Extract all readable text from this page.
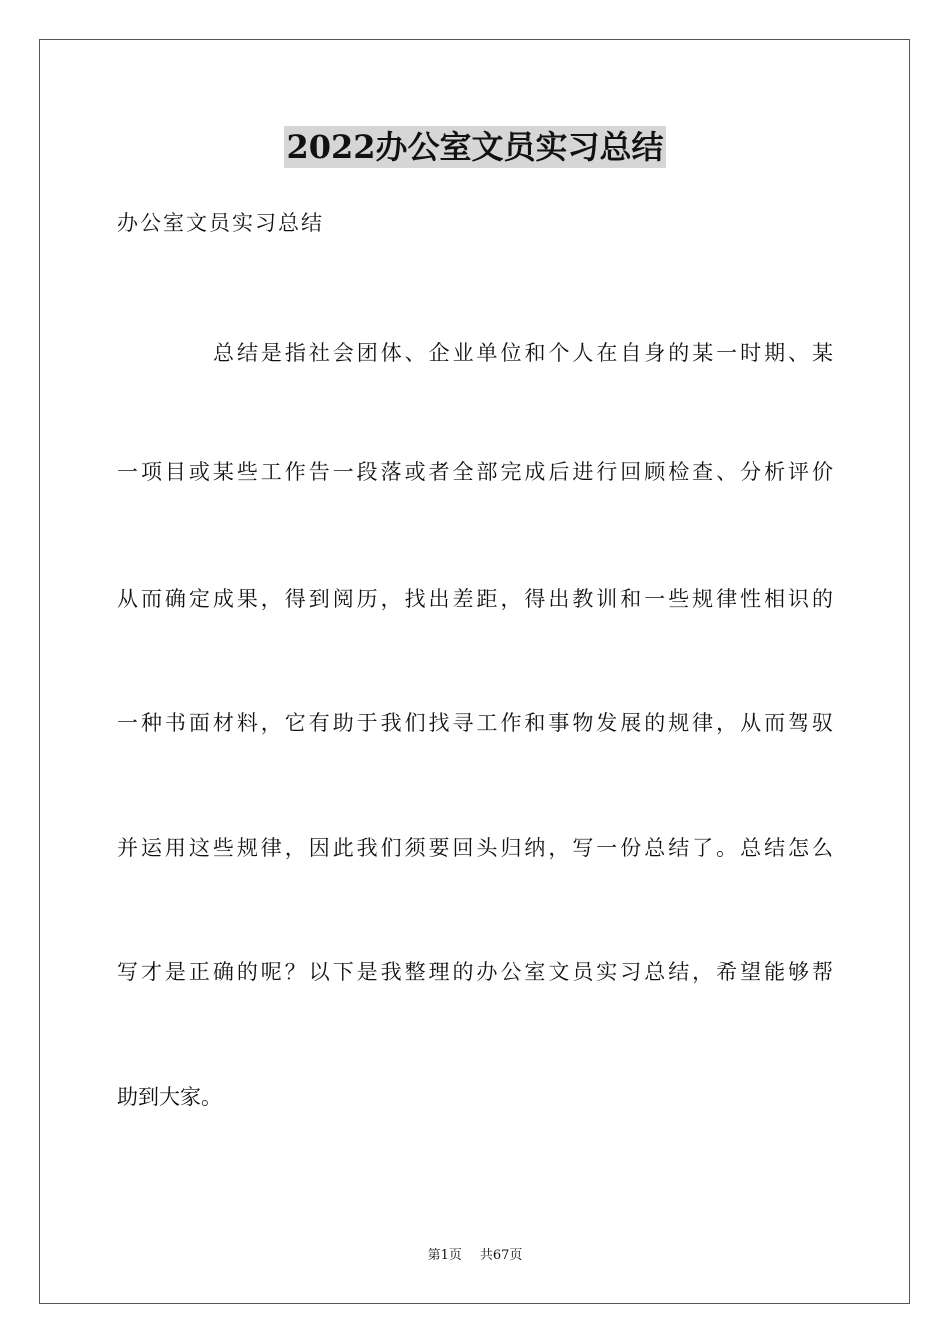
2022办公室文员实习总结
办公室文员实习总结
总结是指社会团体、企业单位和个人在自身的某一时期、某
一项目或某些工作告一段落或者全部完成后进行回顾检查、分析评价
从而确定成果，得到阅历，找出差距，得出教训和一些规律性相识的
一种书面材料，它有助于我们找寻工作和事物发展的规律，从而驾驭
并运用这些规律，因此我们须要回头归纳，写一份总结了。总结怎么
写才是正确的呢？以下是我整理的办公室文员实习总结，希望能够帮
助到大家。
第1页 共67页
